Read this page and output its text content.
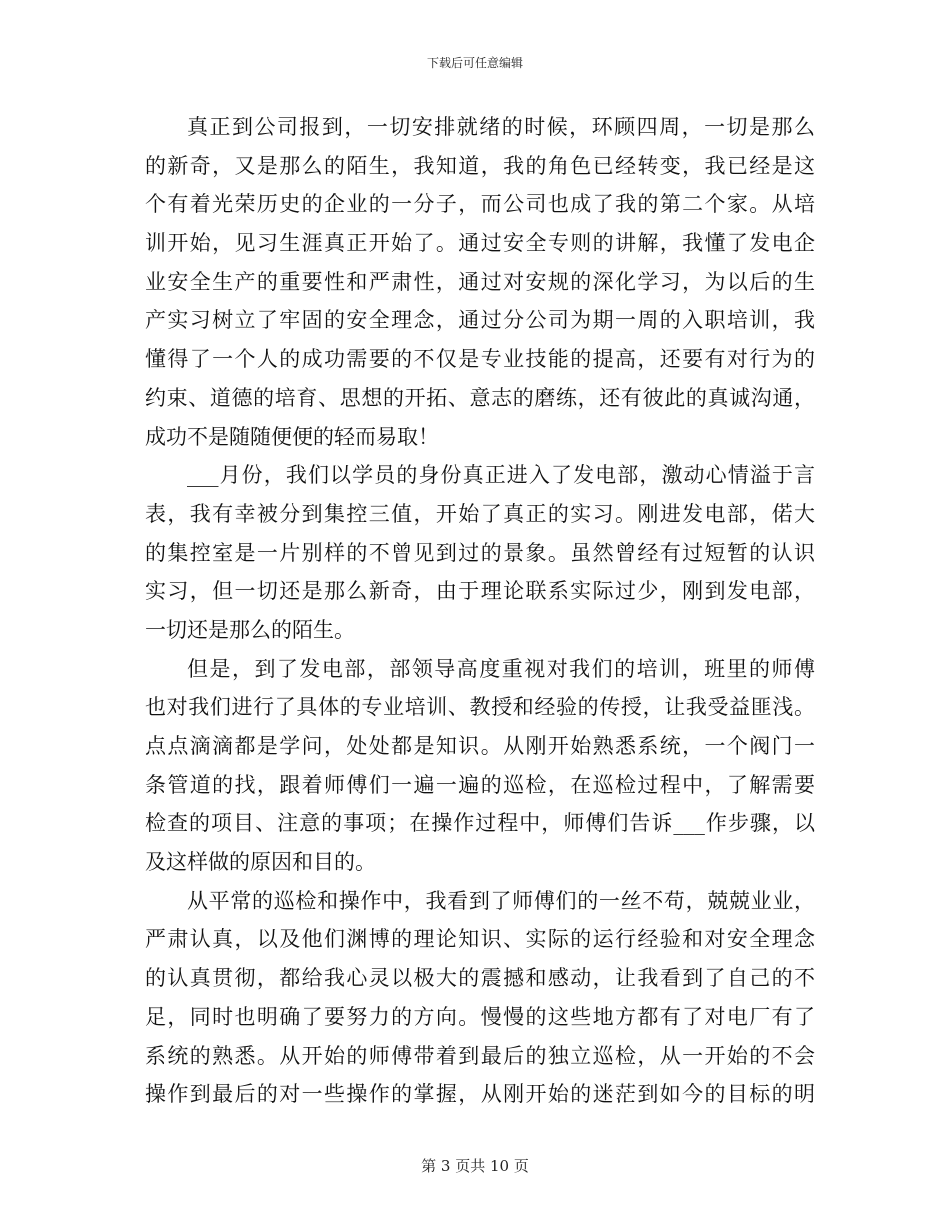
下载后可任意编辑
真正到公司报到，一切安排就绪的时候，环顾四周，一切是那么
的新奇，又是那么的陌生，我知道，我的角色已经转变，我已经是这
个有着光荣历史的企业的一分子，而公司也成了我的第二个家。从培
训开始，见习生涯真正开始了。通过安全专则的讲解，我懂了发电企
业安全生产的重要性和严肃性，通过对安规的深化学习，为以后的生
产实习树立了牢固的安全理念，通过分公司为期一周的入职培训，我
懂得了一个人的成功需要的不仅是专业技能的提高，还要有对行为的
约束、道德的培育、思想的开拓、意志的磨练，还有彼此的真诚沟通，
成功不是随随便便的轻而易取！
___月份，我们以学员的身份真正进入了发电部，激动心情溢于言
表，我有幸被分到集控三值，开始了真正的实习。刚进发电部，偌大
的集控室是一片别样的不曾见到过的景象。虽然曾经有过短暂的认识
实习，但一切还是那么新奇，由于理论联系实际过少，刚到发电部，
一切还是那么的陌生。
但是，到了发电部，部领导高度重视对我们的培训，班里的师傅
也对我们进行了具体的专业培训、教授和经验的传授，让我受益匪浅。
点点滴滴都是学问，处处都是知识。从刚开始熟悉系统，一个阀门一
条管道的找，跟着师傅们一遍一遍的巡检，在巡检过程中，了解需要
检查的项目、注意的事项；在操作过程中，师傅们告诉___作步骤，以
及这样做的原因和目的。
从平常的巡检和操作中，我看到了师傅们的一丝不苟，兢兢业业，
严肃认真，以及他们渊博的理论知识、实际的运行经验和对安全理念
的认真贯彻，都给我心灵以极大的震撼和感动，让我看到了自己的不
足，同时也明确了要努力的方向。慢慢的这些地方都有了对电厂有了
系统的熟悉。从开始的师傅带着到最后的独立巡检，从一开始的不会
操作到最后的对一些操作的掌握，从刚开始的迷茫到如今的目标的明
第 3 页共 10 页
